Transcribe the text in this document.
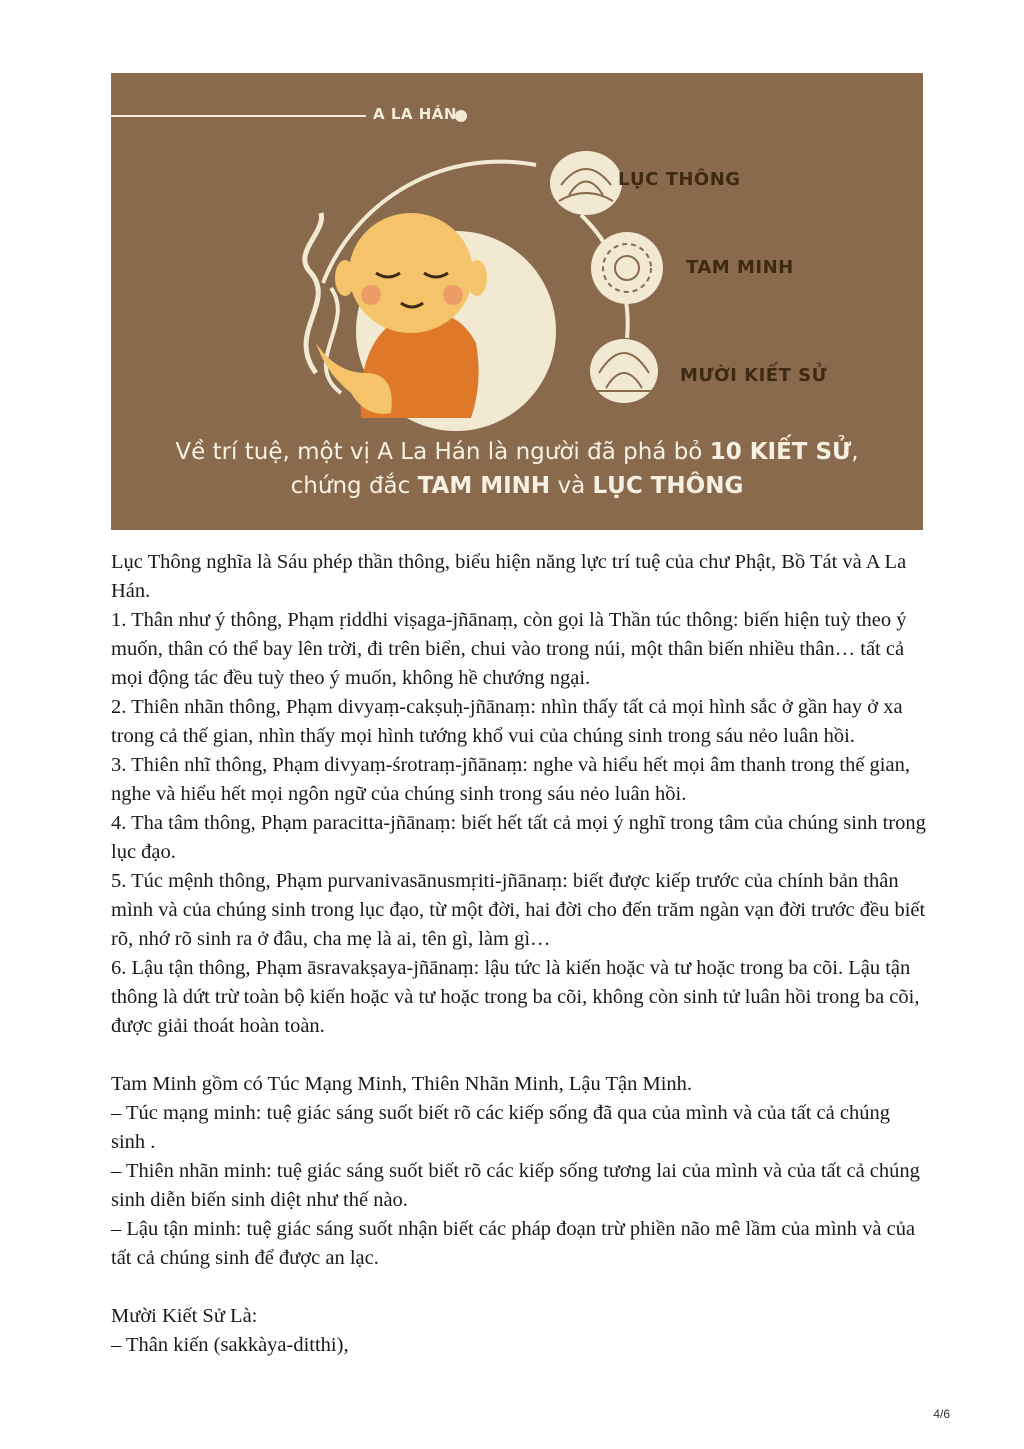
A LA HÁN
LỤC THÔNG
TAM MINH
MƯỜI KIẾT SỬ
Về trí tuệ, một vị A La Hán là người đã phá bỏ 10 KIẾT SỬ,
chứng đắc TAM MINH và LỤC THÔNG

Lục Thông nghĩa là Sáu phép thần thông, biểu hiện năng lực trí tuệ của chư Phật, Bồ Tát và A La Hán.

1. Thân như ý thông, Phạm ṛiddhi viṣaga-jñānaṃ, còn gọi là Thần túc thông: biến hiện tuỳ theo ý muốn, thân có thể bay lên trời, đi trên biển, chui vào trong núi, một thân biến nhiều thân… tất cả mọi động tác đều tuỳ theo ý muốn, không hề chướng ngại.

2. Thiên nhãn thông, Phạm divyaṃ-cakṣuḥ-jñānaṃ: nhìn thấy tất cả mọi hình sắc ở gần hay ở xa trong cả thế gian, nhìn thấy mọi hình tướng khổ vui của chúng sinh trong sáu nẻo luân hồi.

3. Thiên nhĩ thông, Phạm divyaṃ-śrotraṃ-jñānaṃ: nghe và hiểu hết mọi âm thanh trong thế gian, nghe và hiểu hết mọi ngôn ngữ của chúng sinh trong sáu nẻo luân hồi.

4. Tha tâm thông, Phạm paracitta-jñānaṃ: biết hết tất cả mọi ý nghĩ trong tâm của chúng sinh trong lục đạo.

5. Túc mệnh thông, Phạm purvanivasānusmṛiti-jñānaṃ: biết được kiếp trước của chính bản thân mình và của chúng sinh trong lục đạo, từ một đời, hai đời cho đến trăm ngàn vạn đời trước đều biết rõ, nhớ rõ sinh ra ở đâu, cha mẹ là ai, tên gì, làm gì…

6. Lậu tận thông, Phạm āsravakṣaya-jñānaṃ: lậu tức là kiến hoặc và tư hoặc trong ba cõi. Lậu tận thông là dứt trừ toàn bộ kiến hoặc và tư hoặc trong ba cõi, không còn sinh tử luân hồi trong ba cõi, được giải thoát hoàn toàn.

Tam Minh gồm có Túc Mạng Minh, Thiên Nhãn Minh, Lậu Tận Minh.

– Túc mạng minh: tuệ giác sáng suốt biết rõ các kiếp sống đã qua của mình và của tất cả chúng sinh .

– Thiên nhãn minh: tuệ giác sáng suốt biết rõ các kiếp sống tương lai của mình và của tất cả chúng sinh diễn biến sinh diệt như thế nào.

– Lậu tận minh: tuệ giác sáng suốt nhận biết các pháp đoạn trừ phiền não mê lầm của mình và của tất cả chúng sinh để được an lạc.

Mười Kiết Sử Là:

– Thân kiến (sakkàya-ditthi),

4/6
